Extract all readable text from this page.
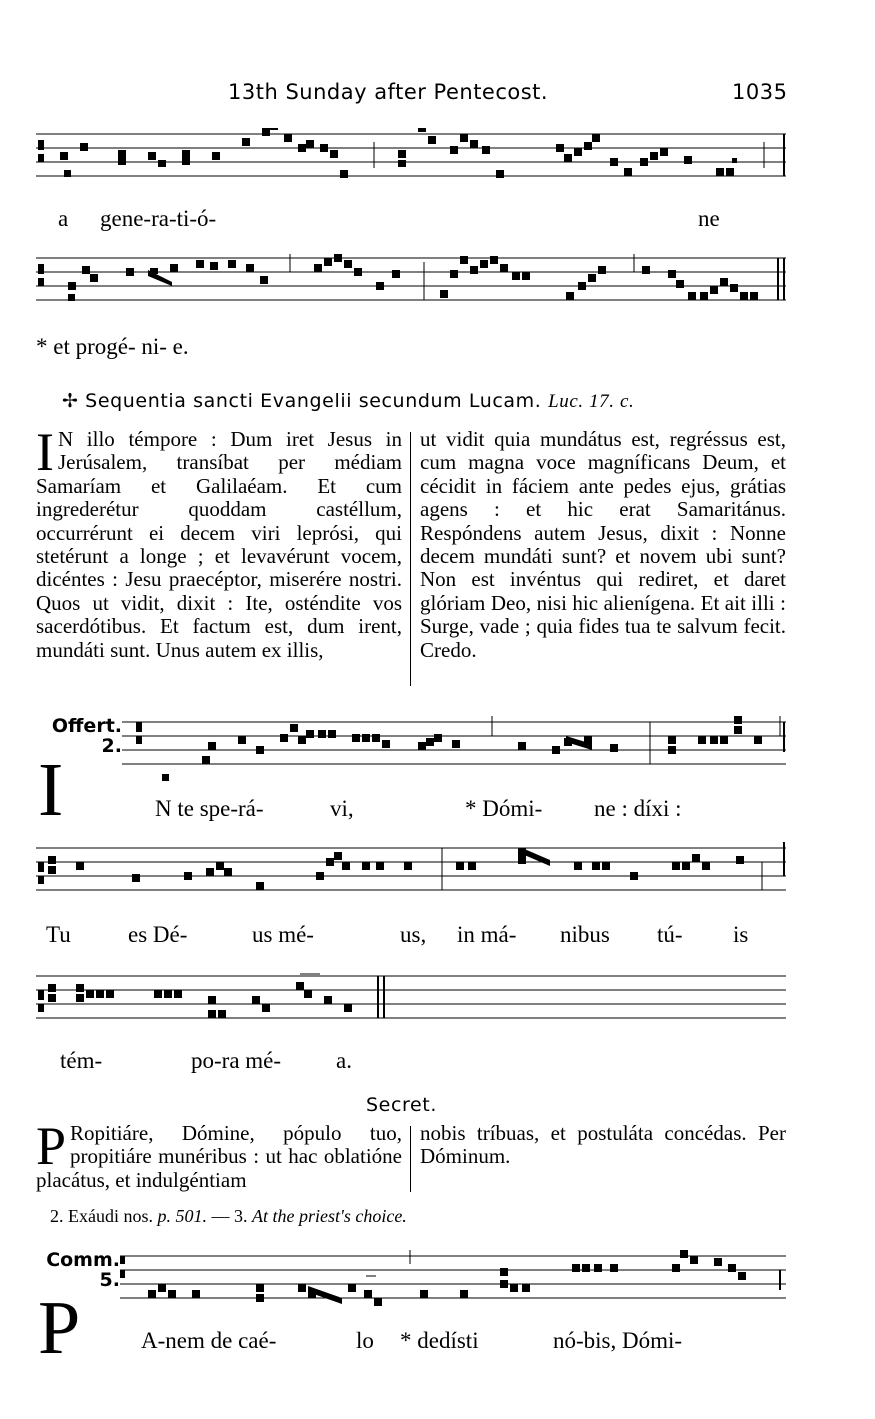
13th Sunday after Pentecost.	1035
a gene-ra-ti-ó-	ne
* et progé- ni- e.
✢ Sequentia sancti Evangelii secundum Lucam. Luc. 17. c.

I N illo témpore : Dum iret Jesus in Jerúsalem, transíbat per médiam Samaríam et Galilaéam. Et cum ingrederétur quoddam castéllum, occurrérunt ei decem viri leprósi, qui stetérunt a longe ; et levavérunt vocem, dicéntes : Jesu praecéptor, miserére nostri. Quos ut vidit, dixit : Ite, osténdite vos sacerdótibus. Et factum est, dum irent, mundáti sunt. Unus autem ex illis,

ut vidit quia mundátus est, regréssus est, cum magna voce magníficans Deum, et cécidit in fáciem ante pedes ejus, grátias agens : et hic erat Samaritánus. Respóndens autem Jesus, dixit : Nonne decem mundáti sunt? et novem ubi sunt? Non est invéntus qui rediret, et daret glóriam Deo, nisi hic alienígena. Et ait illi : Surge, vade ; quia fides tua te salvum fecit. Credo.

Offert.
2.
I	N te spe-rá-	vi,	* Dómi- ne : díxi :
Tu es Dé-	us mé-	us, in má- nibus tú- is
tém-	po-ra mé- a.
Secret.

P Ropitiáre, Dómine, pópulo tuo, propitiáre munéribus : ut hac oblatióne placátus, et indulgéntiam

nobis tríbuas, et postuláta concédas. Per Dóminum.

2. Exáudi nos. p. 501. — 3. At the priest's choice.
Comm.
5.
P	A-nem de caé-	lo * dedísti	nó-bis, Dómi-
